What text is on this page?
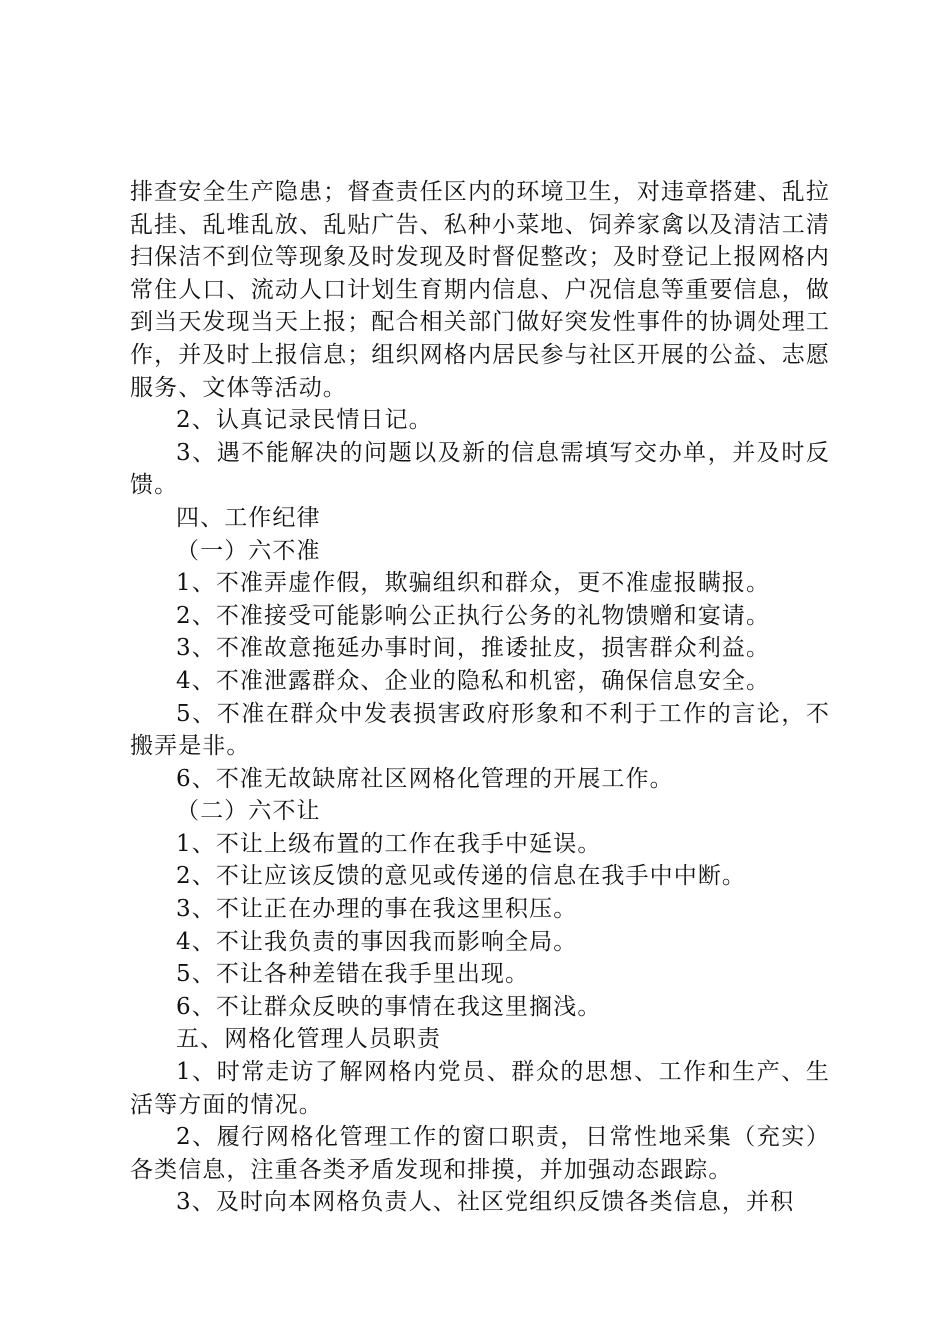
排查安全生产隐患；督查责任区内的环境卫生，对违章搭建、乱拉乱挂、乱堆乱放、乱贴广告、私种小菜地、饲养家禽以及清洁工清扫保洁不到位等现象及时发现及时督促整改；及时登记上报网格内常住人口、流动人口计划生育期内信息、户况信息等重要信息，做到当天发现当天上报；配合相关部门做好突发性事件的协调处理工作，并及时上报信息；组织网格内居民参与社区开展的公益、志愿服务、文体等活动。

2、认真记录民情日记。

3、遇不能解决的问题以及新的信息需填写交办单，并及时反馈。

四、工作纪律

（一）六不准

1、不准弄虚作假，欺骗组织和群众，更不准虚报瞒报。

2、不准接受可能影响公正执行公务的礼物馈赠和宴请。

3、不准故意拖延办事时间，推诿扯皮，损害群众利益。

4、不准泄露群众、企业的隐私和机密，确保信息安全。

5、不准在群众中发表损害政府形象和不利于工作的言论，不搬弄是非。

6、不准无故缺席社区网格化管理的开展工作。

（二）六不让

1、不让上级布置的工作在我手中延误。

2、不让应该反馈的意见或传递的信息在我手中中断。

3、不让正在办理的事在我这里积压。

4、不让我负责的事因我而影响全局。

5、不让各种差错在我手里出现。

6、不让群众反映的事情在我这里搁浅。

五、网格化管理人员职责

1、时常走访了解网格内党员、群众的思想、工作和生产、生活等方面的情况。

2、履行网格化管理工作的窗口职责，日常性地采集（充实）各类信息，注重各类矛盾发现和排摸，并加强动态跟踪。

3、及时向本网格负责人、社区党组织反馈各类信息，并积
